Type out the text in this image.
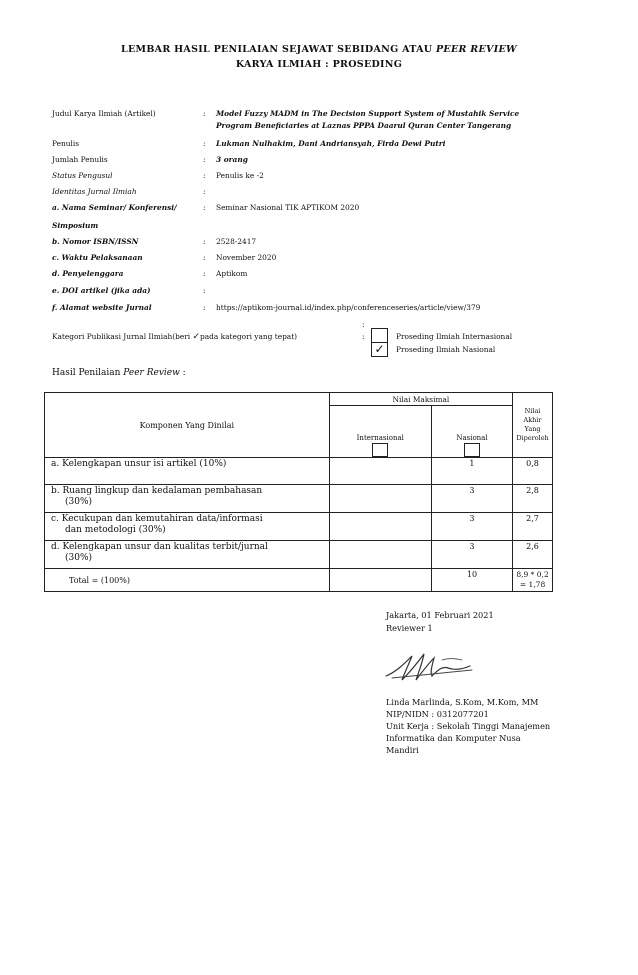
LEMBAR HASIL PENILAIAN SEJAWAT SEBIDANG ATAU PEER REVIEW
KARYA ILMIAH : PROSEDING
Judul Karya Ilmiah (Artikel)	:	Model Fuzzy MADM in The Decision Support System of Mustahik Service
Program Beneficiaries at Laznas PPPA Daarul Quran Center Tangerang
Penulis	:	Lukman Nulhakim, Dani Andriansyah, Firda Dewi Putri
Jumlah Penulis	:	3 orang
Status Pengusul	:	Penulis ke -2
Identitas Jurnal Ilmiah	:
a. Nama Seminar/ Konferensi/
Simposium
:	Seminar Nasional TIK APTIKOM 2020
b. Nomor ISBN/ISSN	:	2528-2417
c. Waktu Pelaksanaan	:	November 2020
d. Penyelenggara	:	Aptikom
e. DOI artikel (jika ada)	:
f. Alamat website Jurnal	:	https://aptikom-journal.id/index.php/conferenceseries/article/view/379
:
Kategori Publikasi Jurnal Ilmiah(beri ✓pada kategori yang tepat)	:
✓
Proseding Ilmiah Internasional
Proseding Ilmiah Nasional
Hasil Penilaian Peer Review :
Komponen Yang Dinilai	Nilai Maksimal		Nilai
Akhir
Yang
Diperoleh
	Internasional	Nasional	

a. Kelengkapan unsur isi artikel (10%)		1	0,8
b. Ruang lingkup dan kedalaman pembahasan
(30%)		3	2,8
c. Kecukupan dan kemutahiran data/informasi
dan metodologi (30%)		3	2,7
d. Kelengkapan unsur dan kualitas terbit/jurnal
(30%)		3	2,6
Total = (100%)		10	8,9 * 0,2
= 1,78
Jakarta, 01 Februari 2021
Reviewer 1
Linda Marlinda, S.Kom, M.Kom, MM
NIP/NIDN : 0312077201
Unit Kerja : Sekolah Tinggi Manajemen
Informatika dan Komputer Nusa
Mandiri
